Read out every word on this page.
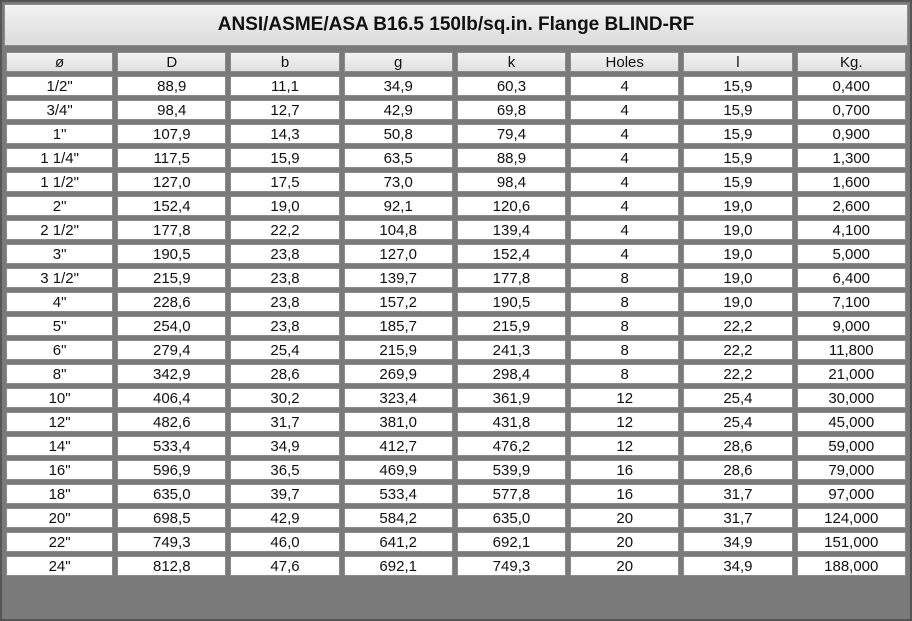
ANSI/ASME/ASA B16.5 150lb/sq.in. Flange BLIND-RF
ø	D	b	g	k	Holes	l	Kg.
1/2"	88,9	11,1	34,9	60,3	4	15,9	0,400
3/4"	98,4	12,7	42,9	69,8	4	15,9	0,700
1"	107,9	14,3	50,8	79,4	4	15,9	0,900
1 1/4"	117,5	15,9	63,5	88,9	4	15,9	1,300
1 1/2"	127,0	17,5	73,0	98,4	4	15,9	1,600
2"	152,4	19,0	92,1	120,6	4	19,0	2,600
2 1/2"	177,8	22,2	104,8	139,4	4	19,0	4,100
3"	190,5	23,8	127,0	152,4	4	19,0	5,000
3 1/2"	215,9	23,8	139,7	177,8	8	19,0	6,400
4"	228,6	23,8	157,2	190,5	8	19,0	7,100
5"	254,0	23,8	185,7	215,9	8	22,2	9,000
6"	279,4	25,4	215,9	241,3	8	22,2	11,800
8"	342,9	28,6	269,9	298,4	8	22,2	21,000
10"	406,4	30,2	323,4	361,9	12	25,4	30,000
12"	482,6	31,7	381,0	431,8	12	25,4	45,000
14"	533,4	34,9	412,7	476,2	12	28,6	59,000
16"	596,9	36,5	469,9	539,9	16	28,6	79,000
18"	635,0	39,7	533,4	577,8	16	31,7	97,000
20"	698,5	42,9	584,2	635,0	20	31,7	124,000
22"	749,3	46,0	641,2	692,1	20	34,9	151,000
24"	812,8	47,6	692,1	749,3	20	34,9	188,000
